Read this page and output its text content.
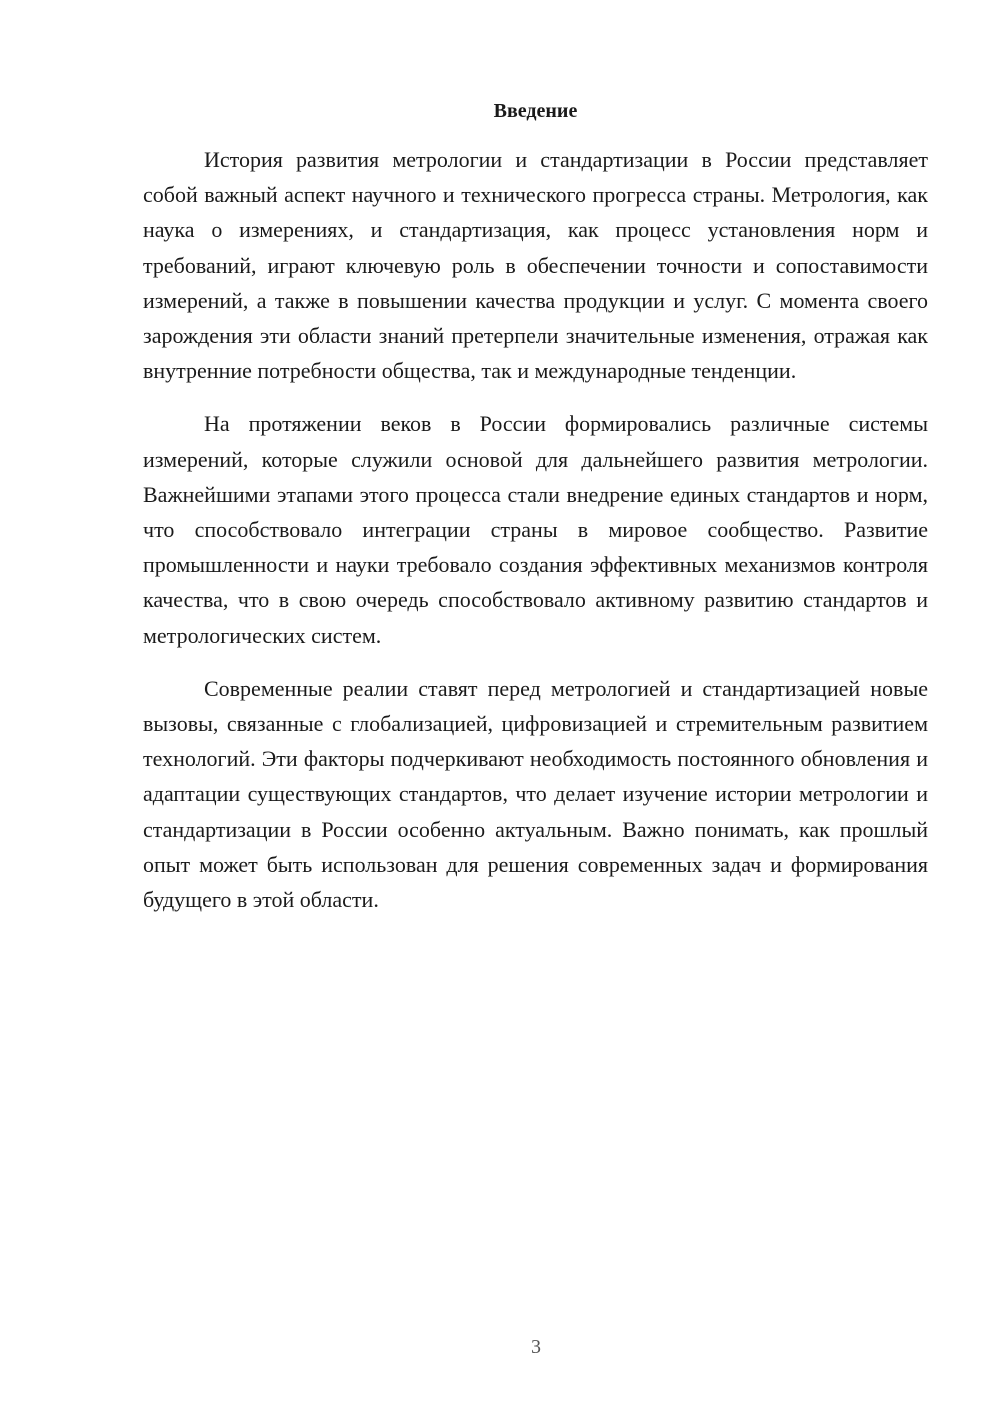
Введение

История развития метрологии и стандартизации в России представляет собой важный аспект научного и технического прогресса страны. Метрология, как наука о измерениях, и стандартизация, как процесс установления норм и требований, играют ключевую роль в обеспечении точности и сопоставимости измерений, а также в повышении качества продукции и услуг. С момента своего зарождения эти области знаний претерпели значительные изменения, отражая как внутренние потребности общества, так и международные тенденции.

На протяжении веков в России формировались различные системы измерений, которые служили основой для дальнейшего развития метрологии. Важнейшими этапами этого процесса стали внедрение единых стандартов и норм, что способствовало интеграции страны в мировое сообщество. Развитие промышленности и науки требовало создания эффективных механизмов контроля качества, что в свою очередь способствовало активному развитию стандартов и метрологических систем.

Современные реалии ставят перед метрологией и стандартизацией новые вызовы, связанные с глобализацией, цифровизацией и стремительным развитием технологий. Эти факторы подчеркивают необходимость постоянного обновления и адаптации существующих стандартов, что делает изучение истории метрологии и стандартизации в России особенно актуальным. Важно понимать, как прошлый опыт может быть использован для решения современных задач и формирования будущего в этой области.

3
